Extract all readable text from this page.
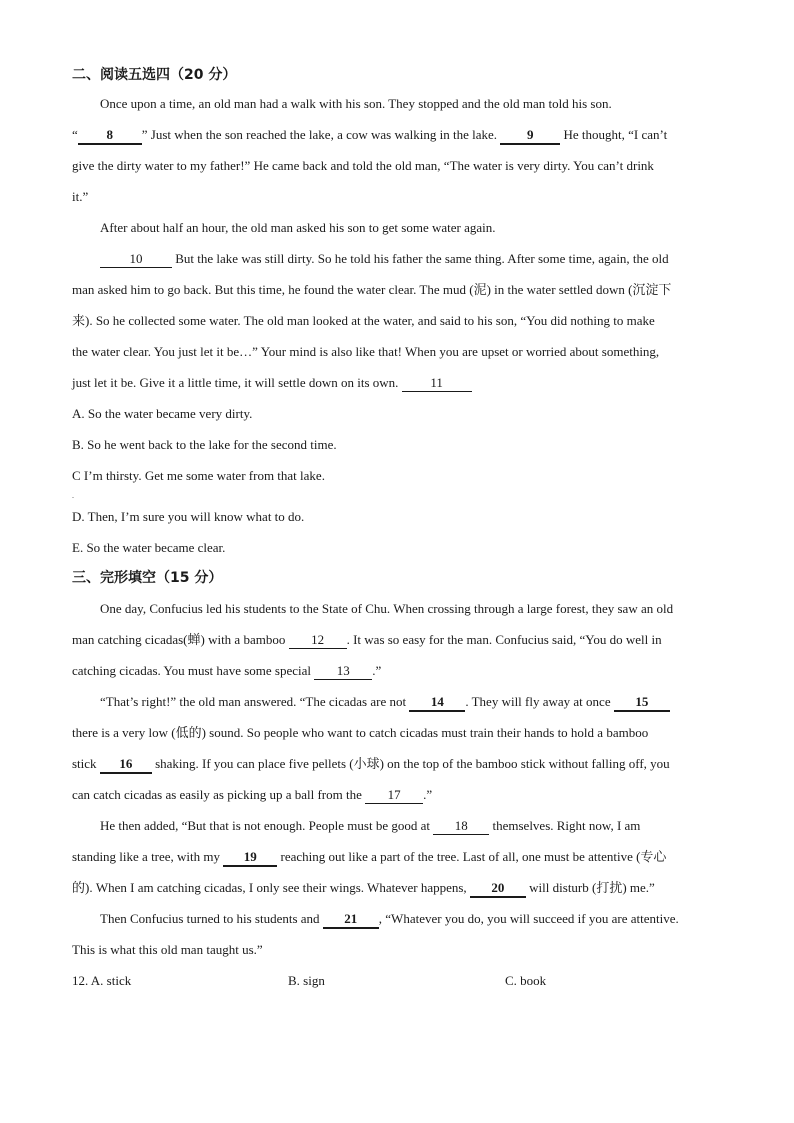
二、阅读五选四（20 分）
Once upon a time, an old man had a walk with his son. They stopped and the old man told his son.
“ 8 ” Just when the son reached the lake, a cow was walking in the lake. 9 He thought, “I can’t
give the dirty water to my father!” He came back and told the old man, “The water is very dirty. You can’t drink
it.”
After about half an hour, the old man asked his son to get some water again.
10	But the lake was still dirty. So he told his father the same thing. After some time, again, the old
man asked him to go back. But this time, he found the water clear. The mud (泥) in the water settled down (沉淀下
来). So he collected some water. The old man looked at the water, and said to his son, “You did nothing to make
the water clear. You just let it be…” Your mind is also like that! When you are upset or worried about something,
just let it be. Give it a little time, it will settle down on its own. 11
A. So the water became very dirty.
B. So he went back to the lake for the second time.
C I’m thirsty. Get me some water from that lake.
.
D. Then, I’m sure you will know what to do.
E. So the water became clear.
三、完形填空（15 分）
One day, Confucius led his students to the State of Chu. When crossing through a large forest, they saw an old
man catching cicadas(蝉) with a bamboo 12 . It was so easy for the man. Confucius said, “You do well in
catching cicadas. You must have some special 13 .”
“That’s right!” the old man answered. “The cicadas are not 14 . They will fly away at once 15
there is a very low (低的) sound. So people who want to catch cicadas must train their hands to hold a bamboo
stick 16 shaking. If you can place five pellets (小球) on the top of the bamboo stick without falling off, you
can catch cicadas as easily as picking up a ball from the 17 .”
He then added, “But that is not enough. People must be good at 18 themselves. Right now, I am
standing like a tree, with my 19 reaching out like a part of the tree. Last of all, one must be attentive (专心
的). When I am catching cicadas, I only see their wings. Whatever happens, 20 will disturb (打扰) me.”
Then Confucius turned to his students and 21 , “Whatever you do, you will succeed if you are attentive.
This is what this old man taught us.”
12. A. stick	B. sign	C. book
